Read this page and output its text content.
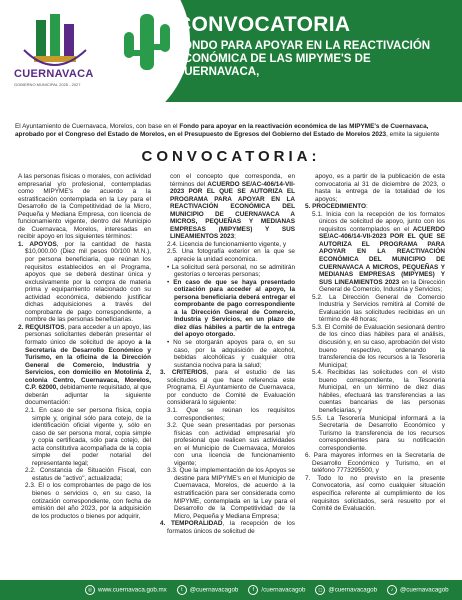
CUERNAVACA
GOBIERNO MUNICIPAL 2025 - 2027
CONVOCATORIA
FONDO PARA APOYAR EN LA REACTIVACIÓN ECONÓMICA DE LAS MIPYME'S DE CUERNAVACA,
El Ayuntamiento de Cuernavaca, Morelos, con base en el Fondo para apoyar en la reactivación económica de las MIPYME's de Cuernavaca, aprobado por el Congreso del Estado de Morelos, en el Presupuesto de Egresos del Gobierno del Estado de Morelos 2023, emite la siguiente
CONVOCATORIA:

A las personas físicas o morales, con actividad empresarial y/o profesional, contempladas como MIPYME's de acuerdo a la estratificación contemplada en la Ley para el Desarrollo de la Competitividad de la Micro, Pequeña y Mediana Empresa, con licencia de funcionamiento vigente, dentro del Municipio de Cuernavaca, Morelos, interesadas en recibir apoyo en los siguientes términos:

1. APOYOS, por la cantidad de hasta $10,000.00 (Diez mil pesos 00/100 M.N.), por persona beneficiaria, que reúnan los requisitos establecidos en el Programa, apoyos que se deberá destinar única y exclusivamente por la compra de materia prima y equipamiento relacionado con su actividad económica, debiendo justificar dichas adquisiciones a través del comprobante de pago correspondiente, a nombre de las personas beneficiarias.

2. REQUISITOS, para acceder a un apoyo, las personas solicitantes deberán presentar el formato único de solicitud de apoyo a la Secretaría de Desarrollo Económico y Turismo, en la oficina de la Dirección General de Comercio, Industria y Servicios, con domicilio en Motolinía 2, colonia Centro, Cuernavaca, Morelos, C.P. 62000, debidamente requisitado, al que deberán adjuntar la siguiente documentación:

2.1. En caso de ser persona física, copia simple y, original sólo para cotejo, de la identificación oficial vigente y, sólo en caso de ser persona moral, copia simple y copia certificada, sólo para cotejo, del acta constitutiva acompañada de la copia simple del poder notarial del representante legal;

2.2. Constancia de Situación Fiscal, con estatus de "activo", actualizada;

2.3. El o los comprobantes de pago de los bienes o servicios o, en su caso, la cotización correspondiente, con fecha de emisión del año 2023, por la adquisición de los productos o bienes por adquirir,

con el concepto que corresponda, en términos del ACUERDO SE/AC-406/14-VII-2023 POR EL QUE SE AUTORIZA EL PROGRAMA PARA APOYAR EN LA REACTIVACIÓN ECONÓMICA DEL MUNICIPIO DE CUERNAVACA A MICROS, PEQUEÑAS Y MEDIANAS EMPRESAS (MIPYMES) Y SUS LINEAMIENTOS 2023;

2.4. Licencia de funcionamiento vigente, y

2.5. Una fotografía exterior en la que se aprecie la unidad económica.

• La solicitud será personal, no se admitirán gestorías o terceras personas;

• En caso de que se haya presentado cotización para acceder al apoyo, la persona beneficiaria deberá entregar el comprobante de pago correspondiente a la Dirección General de Comercio, Industria y Servicios, en un plazo de diez días hábiles a partir de la entrega del apoyo otorgado.

• No se otorgarán apoyos para o, en su caso, por la adquisición de alcohol, bebidas alcohólicas y cualquier otra sustancia nociva para la salud;

3. CRITERIOS, para el estudio de las solicitudes al que hace referencia este Programa, El Ayuntamiento de Cuernavaca, por conducto de Comité de Evaluación considerará lo siguiente:

3.1. Que se reúnan los requisitos correspondientes;

3.2. Que sean presentadas por personas físicas con actividad empresarial y/o profesional que realicen sus actividades en el Municipio de Cuernavaca, Morelos con una licencia de funcionamiento vigente;

3.3. Que la implementación de los Apoyos se destine para MIPYME's en el Municipio de Cuernavaca, Morelos, de acuerdo a la estratificación para ser considerada como MIPYME, contemplada en la Ley para el Desarrollo de la Competitividad de la Micro, Pequeña y Mediana Empresa;

4. TEMPORALIDAD, la recepción de los formatos únicos de solicitud de

apoyo, es a partir de la publicación de esta convocatoria al 31 de diciembre de 2023, o hasta la entrega de la totalidad de los apoyos;

5. PROCEDIMIENTO:

5.1. Inicia con la recepción de los formatos únicos de solicitud de apoyo, junto con los requisitos contemplados en el ACUERDO SE/AC-406/14-VII-2023 POR EL QUE SE AUTORIZA EL PROGRAMA PARA APOYAR EN LA REACTIVACIÓN ECONÓMICA DEL MUNICIPIO DE CUERNAVACA A MICROS, PEQUEÑAS Y MEDIANAS EMPRESAS (MIPYMES) Y SUS LINEAMIENTOS 2023 en la Dirección General de Comercio, Industria y Servicios;

5.2. La Dirección General de Comercio Industria y Servicios remitirá al Comité de Evaluación las solicitudes recibidas en un término de 48 horas;

5.3. El Comité de Evaluación sesionará dentro de los cinco días hábiles para el análisis, discusión y, en su caso, aprobación del visto bueno respectivo, ordenando la transferencia de los recursos a la Tesorería Municipal;

5.4. Recibidas las solicitudes con el visto bueno correspondiente, la Tesorería Municipal, en un término de diez días hábiles, efectuará las transferencias a las cuentas bancarias de las personas beneficiarias, y

5.5. La Tesorería Municipal informará a la Secretaría de Desarrollo Económico y Turismo la transferencia de los recursos correspondientes para su notificación correspondiente.

6. Para mayores informes en la Secretaría de Desarrollo Económico y Turismo, en el teléfono 7773295500, y

7. Todo lo no previsto en la presente Convocatoria, así como cualquier situación específica referente al cumplimiento de los requisitos solicitados, será resuelto por el Comité de Evaluación.

◎ www.cuernavaca.gob.mx	t @cuernavacagob	f /cuernavacagob	◻ @cuernavacagob	♪ @cuernavacagob
